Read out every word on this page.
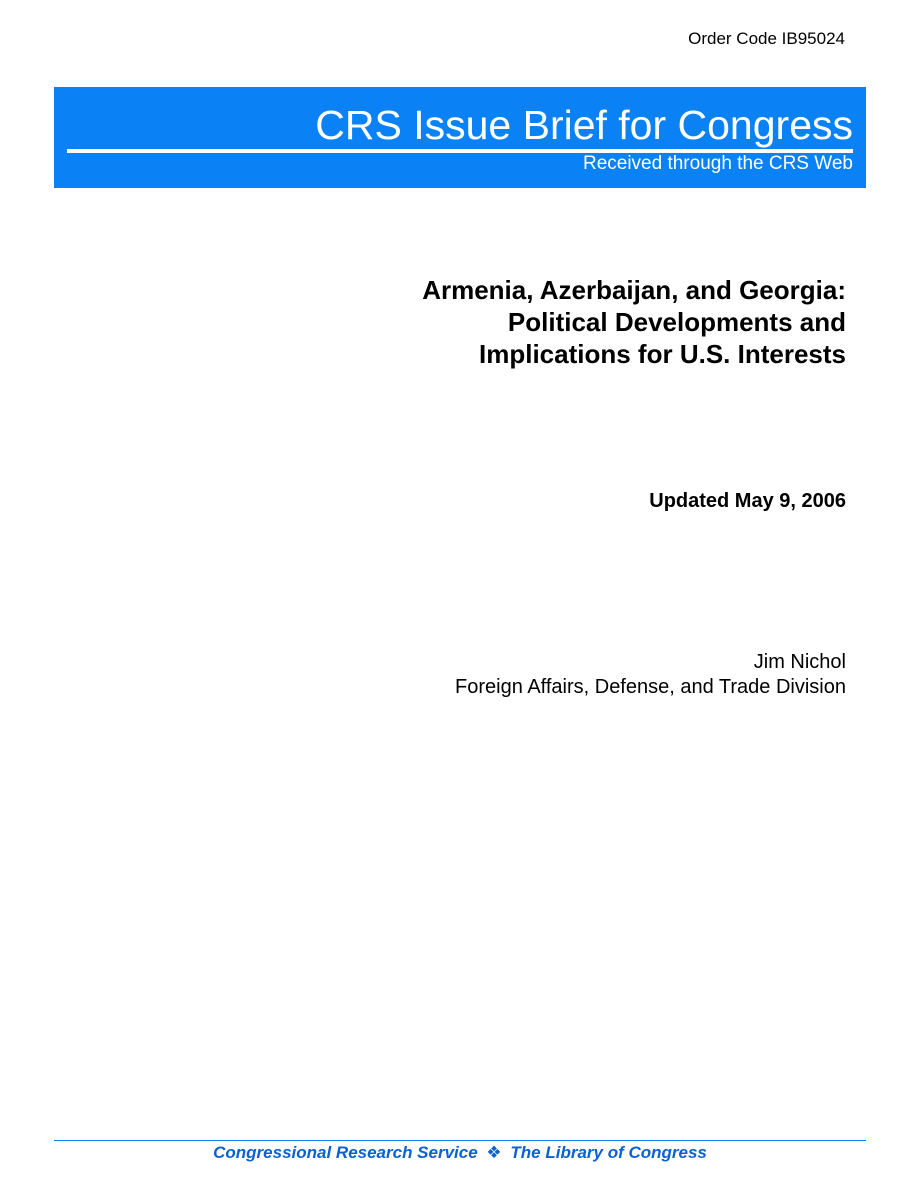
Order Code IB95024
CRS Issue Brief for Congress
Received through the CRS Web
Armenia, Azerbaijan, and Georgia:
Political Developments and
Implications for U.S. Interests
Updated May 9, 2006
Jim Nichol
Foreign Affairs, Defense, and Trade Division
Congressional Research Service ❖ The Library of Congress
